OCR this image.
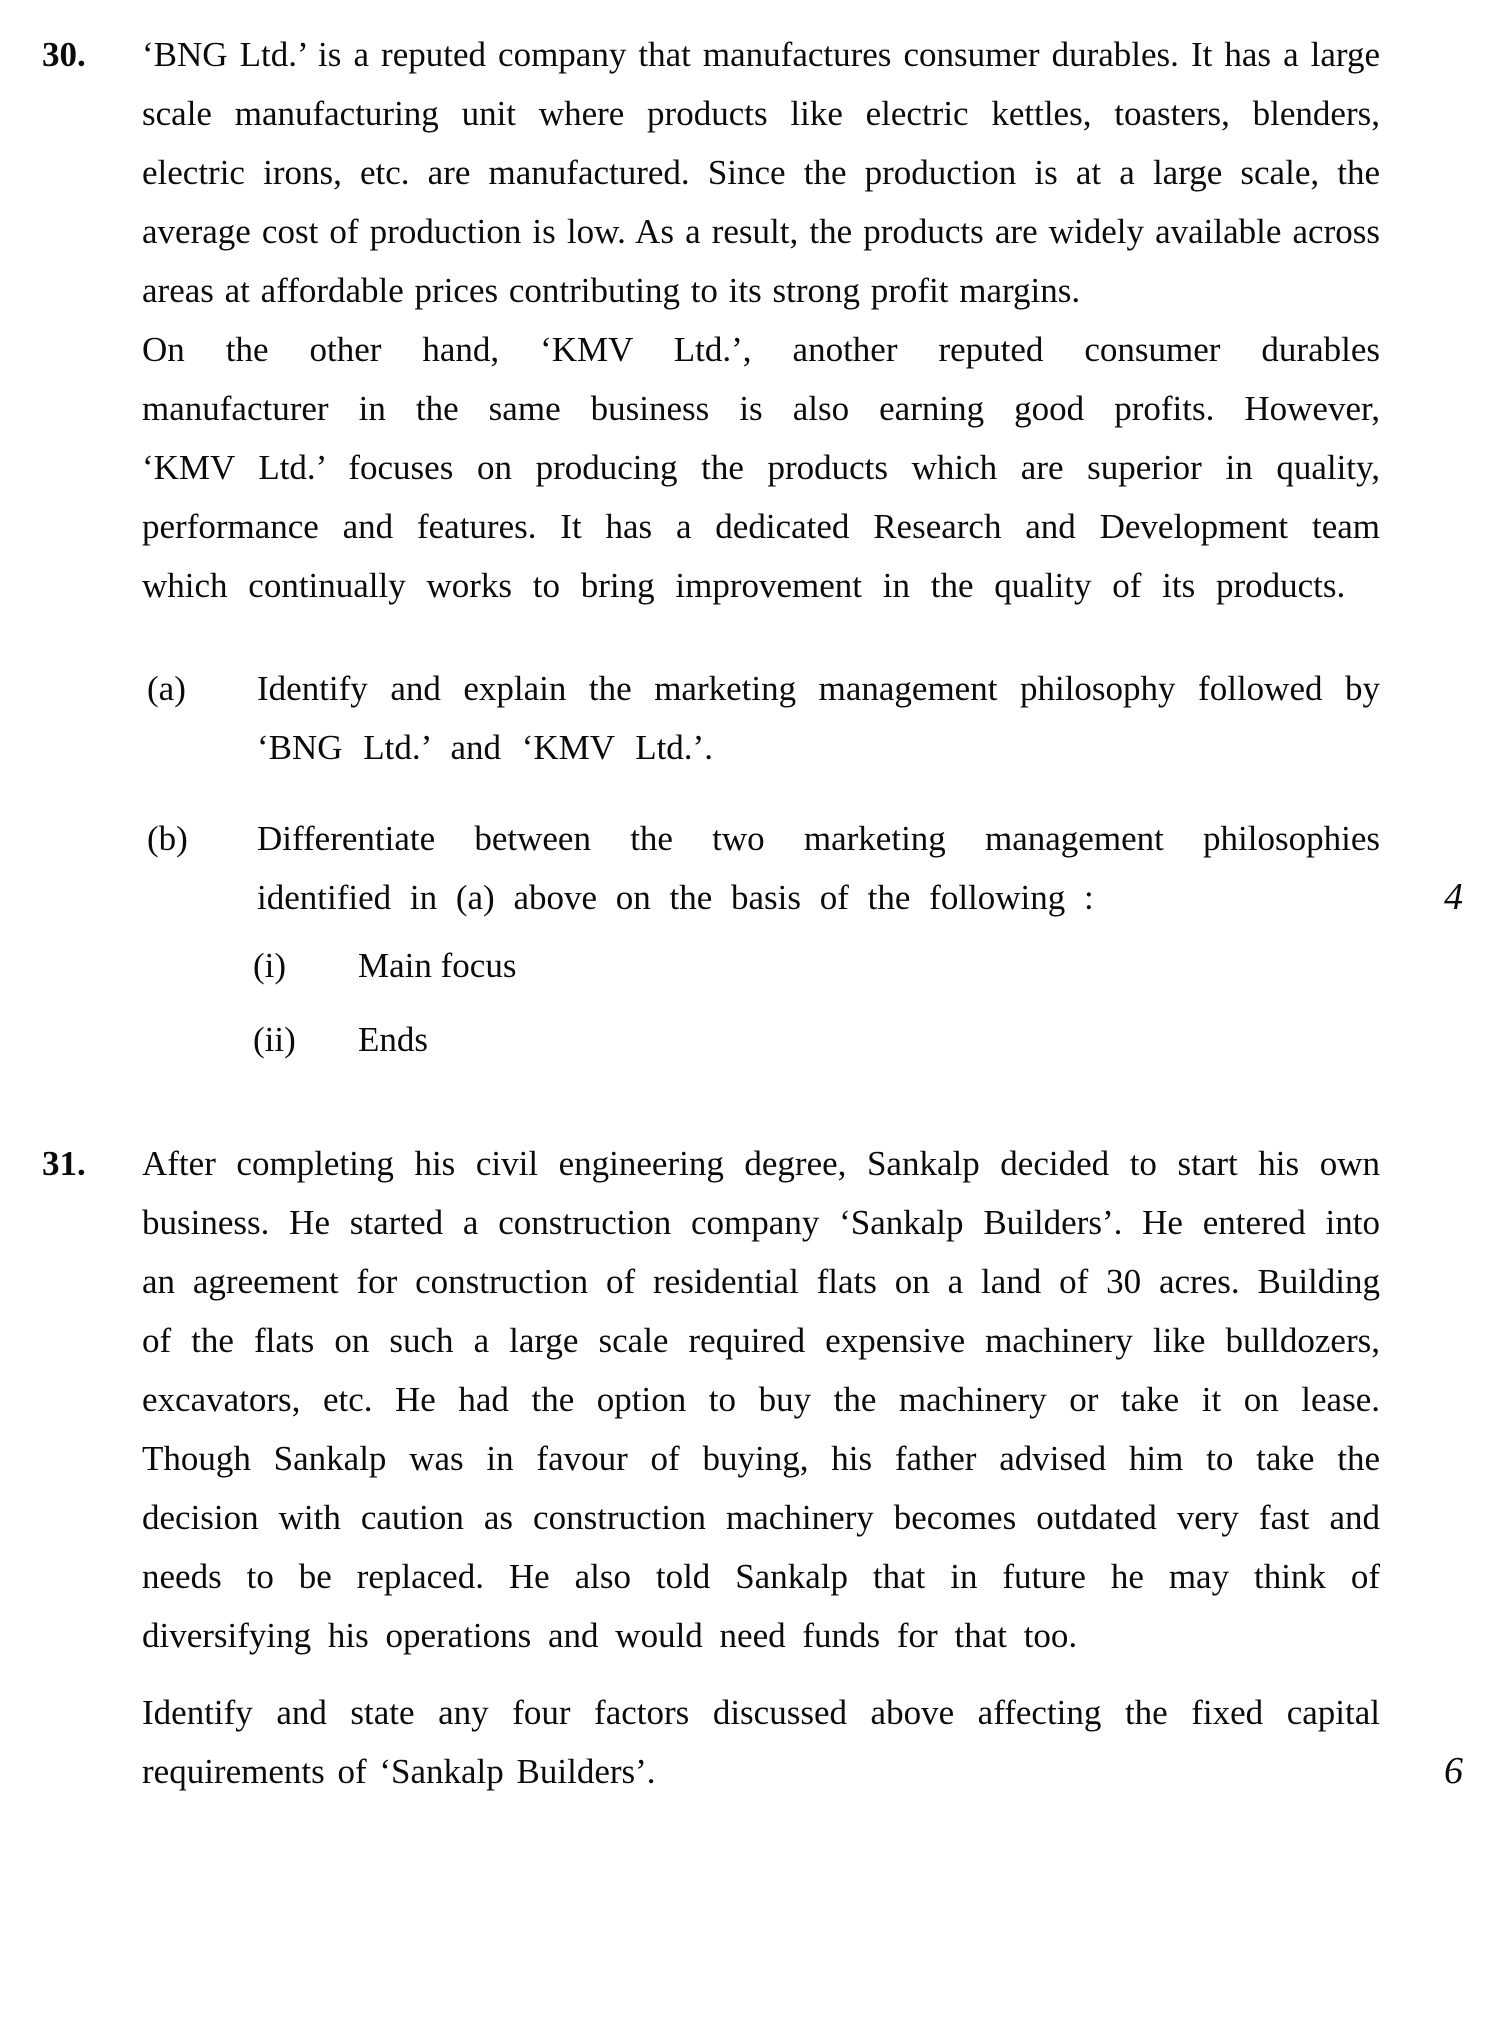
30.	‘BNG Ltd.’ is a reputed company that manufactures consumer durables. It has a large scale manufacturing unit where products like electric kettles, toasters, blenders, electric irons, etc. are manufactured. Since the production is at a large scale, the average cost of production is low. As a result, the products are widely available across areas at affordable prices contributing to its strong profit margins.

On the other hand, ‘KMV Ltd.’, another reputed consumer durables manufacturer in the same business is also earning good profits. However, ‘KMV Ltd.’ focuses on producing the products which are superior in quality, performance and features. It has a dedicated Research and Development team which continually works to bring improvement in the quality of its products.

(a)	Identify and explain the marketing management philosophy followed by ‘BNG Ltd.’ and ‘KMV Ltd.’.

(b)	Differentiate between the two marketing management philosophies identified in (a) above on the basis of the following :	4
(i)	Main focus

(ii)	Ends

31.	After completing his civil engineering degree, Sankalp decided to start his own business. He started a construction company ‘Sankalp Builders’. He entered into an agreement for construction of residential flats on a land of 30 acres. Building of the flats on such a large scale required expensive machinery like bulldozers, excavators, etc. He had the option to buy the machinery or take it on lease. Though Sankalp was in favour of buying, his father advised him to take the decision with caution as construction machinery becomes outdated very fast and needs to be replaced. He also told Sankalp that in future he may think of diversifying his operations and would need funds for that too.

Identify and state any four factors discussed above affecting the fixed capital requirements of ‘Sankalp Builders’.	6
